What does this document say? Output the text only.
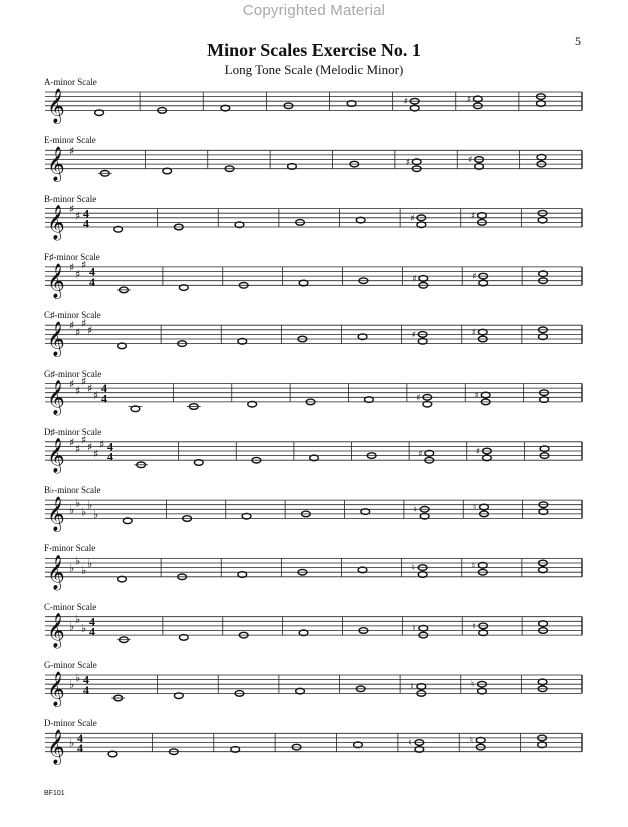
Copyrighted Material
5
Minor Scales Exercise No. 1
Long Tone Scale (Melodic Minor)
A-minor Scale
E-minor Scale
B-minor Scale
F♯-minor Scale
C♯-minor Scale
G♯-minor Scale
D♯-minor Scale
B♭-minor Scale
F-minor Scale
C-minor Scale
G-minor Scale
D-minor Scale
𝄞	♯	♯
𝄞 ♯
♯	♯
𝄞 ♯
♯ 4
4	♯	♯
𝄞 ♯
♯
♯ 4
4	♯	♯
𝄞 ♯
♯
♯
♯	♯	♯
𝄞 ♯
♯
♯
♯
♯
4
4	♯	♯
𝄞 ♯
♯
♯
♯
♯
♯ 4
4	♯	♯
𝄞 ♭
♭
♭
♭
♭	♮	♮
𝄞 ♭
♭
♭
♭	♮	♮
𝄞 ♭
♭
♭
4
4	♮	♮
𝄞 ♭
♭ 4
4	♮	♮
𝄞 ♭ 4
4	♮	♮
BF101
